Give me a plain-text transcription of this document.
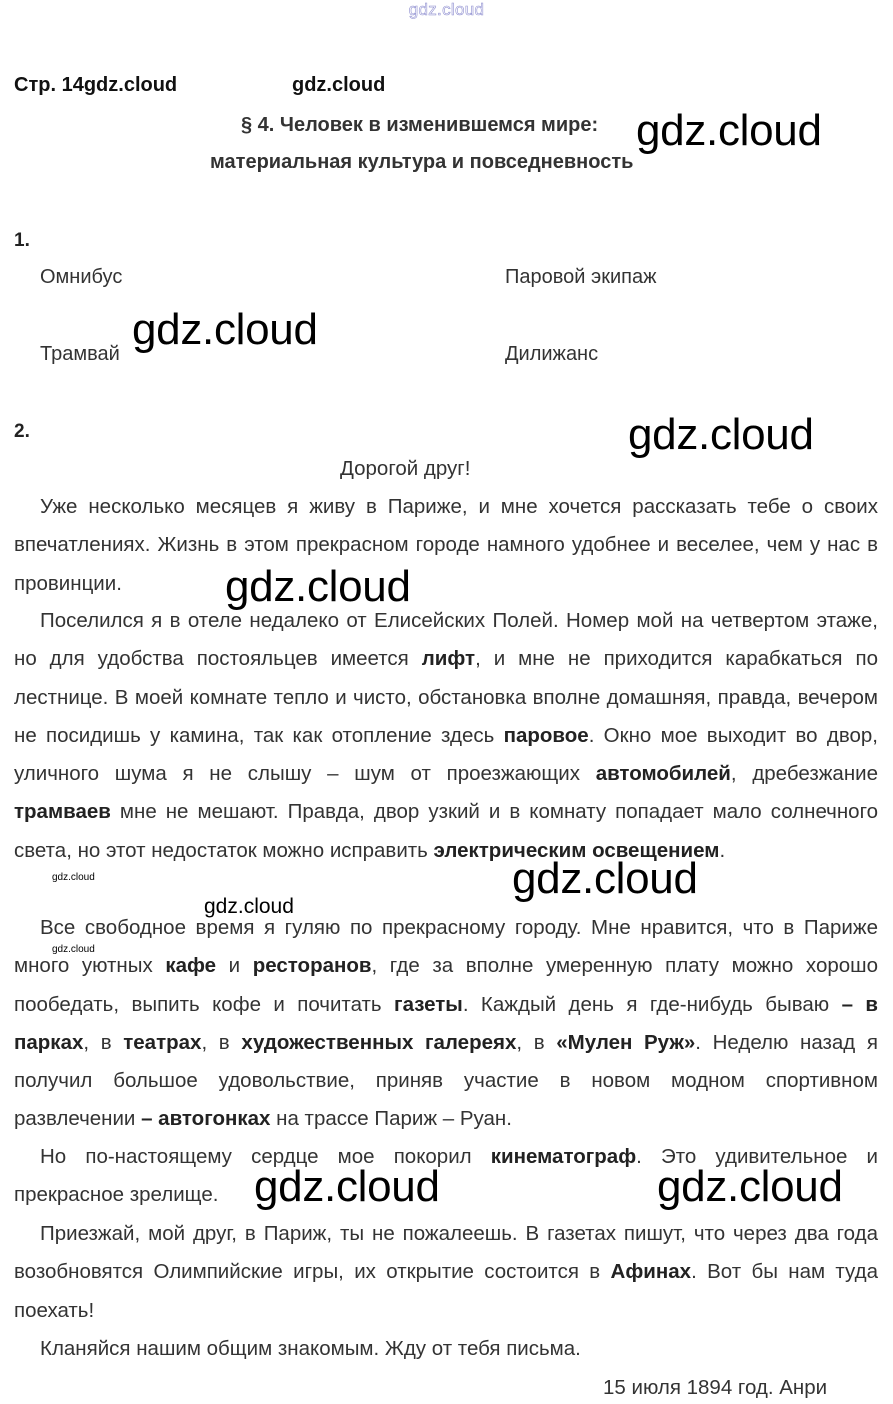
gdz.cloud
Стр. 14gdz.cloud	gdz.cloud
§ 4. Человек в изменившемся мире:
материальная культура и повседневность
1.
Омнибус	Паровой экипаж
Трамвай	Дилижанс
2.
Дорогой друг!

Уже несколько месяцев я живу в Париже, и мне хочется рассказать тебе о своих впечатлениях. Жизнь в этом прекрасном городе намного удобнее и веселее, чем у нас в провинции.

Поселился я в отеле недалеко от Елисейских Полей. Номер мой на четвертом этаже, но для удобства постояльцев имеется лифт, и мне не приходится карабкаться по лестнице. В моей комнате тепло и чисто, обстановка вполне домашняя, правда, вечером не посидишь у камина, так как отопление здесь паровое. Окно мое выходит во двор, уличного шума я не слышу – шум от проезжающих автомобилей, дребезжание трамваев мне не мешают. Правда, двор узкий и в комнату попадает мало солнечного света, но этот недостаток можно исправить электрическим освещением.

Все свободное время я гуляю по прекрасному городу. Мне нравится, что в Париже много уютных кафе и ресторанов, где за вполне умеренную плату можно хорошо пообедать, выпить кофе и почитать газеты. Каждый день я где-нибудь бываю – в парках, в театрах, в художественных галереях, в «Мулен Руж». Неделю назад я получил большое удовольствие, приняв участие в новом модном спортивном развлечении – автогонках на трассе Париж – Руан.

Но по-настоящему сердце мое покорил кинематограф. Это удивительное и прекрасное зрелище.

Приезжай, мой друг, в Париж, ты не пожалеешь. В газетах пишут, что через два года возобновятся Олимпийские игры, их открытие состоится в Афинах. Вот бы нам туда поехать!

Кланяйся нашим общим знакомым. Жду от тебя письма.

15 июля 1894 год. Анри
gdz.cloud
gdz.cloud
gdz.cloud
gdz.cloud
gdz.cloud
gdz.cloud
gdz.cloud
gdz.cloud
gdz.cloud	gdz.cloud
